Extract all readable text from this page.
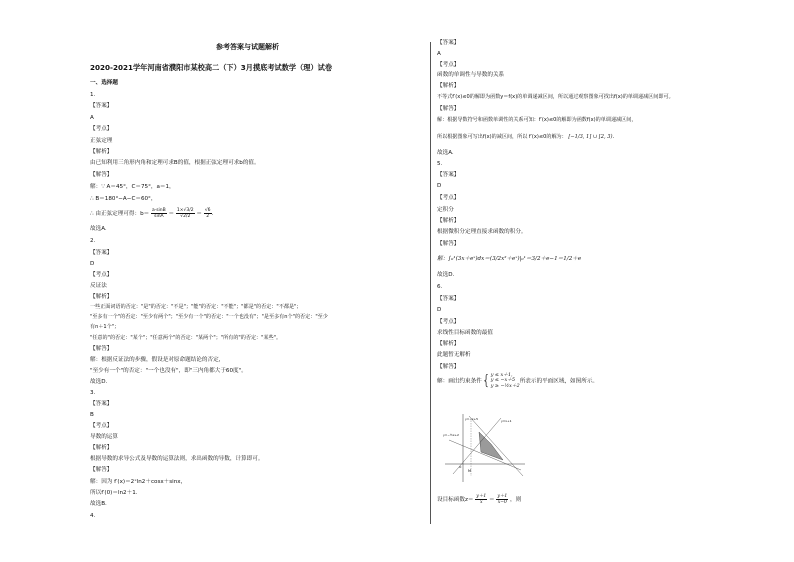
参考答案与试题解析
2020-2021学年河南省濮阳市某校高二（下）3月摸底考试数学（理）试卷
一、选择题
1.
【答案】
A
【考点】
正弦定理
【解析】
由已知利用三角形内角和定理可求B的值，根据正弦定理可求b的值。
【解答】
解：∵ A＝45°，C＝75°，a＝1，
∴ B＝180°−A−C＝60°，
∴ 由正弦定理可得：$b= \frac{a\cdot\sin B}{\sin A} = \frac{1\times√3/2}{√2/2} = \frac{√6}{2}$ .
故选A.
2.
【答案】
D
【考点】
反证法
【解析】
一些正面词语的否定："是"的否定："不是"；"能"的否定："不能"；"都是"的否定："不都是"；
"至多有一个"的否定："至少有两个"；"至少有一个"的否定："一个也没有"；"是至多有n个"的否定："至少
有n＋1个"；
"任意的"的否定："某个"；"任意两个"的否定："某两个"；"所有的"的否定："某些"。
【解答】
解：根据反证法的步骤，假设是对原命题结论的否定，
"至少有一个"的否定："一个也没有"，即"三内角都大于60度"。
故选D.
3.
【答案】
B
【考点】
导数的运算
【解析】
根据导数的求导公式及导数的运算法则，求出函数的导数，计算即可。
【解答】
解：因为 f′(x)＝2ˣln2＋cosx＋sinx，
所以f′(0)＝ln2＋1.
故选B.
4.
【答案】
A
【考点】
函数的单调性与导数的关系
【解析】
不等式f′(x)≤0的解即为函数y＝f(x)的单调递减区间，所以通过观察图象可找出f(x)的单调递减区间即可。
【解答】
解：根据导数符号和函数单调性的关系可知：f′(x)≤0的解即为函数f(x)的单调递减区间，
所以根据图象可写出f(x)的减区间，所以 f′(x)≤0的解为： [−1/3, 1] ∪ [2, 3).
故选A.
5.
【答案】
D
【考点】
定积分
【解析】
根据微积分定理直接求函数的积分。
【解答】
解：∫₀¹(3x＋eˣ)dx＝(3/2x²＋eˣ)|₀¹＝3/2＋e−1＝1/2＋e
故选D.
6.
【答案】
D
【考点】
求线性目标函数的最值
【解析】
此题暂无解析
【解答】
解：画出约束条件{ y ≤ x＋1,
y ≤ −x＋5
y ≥ −½x＋2
所表示的平面区域，如图所示。
y=−x+5	y=x+1
y=−½x+2
M
O
设目标函数$z= \frac{y+1}{x} = \frac{y+1}{x-0}$ ，则
